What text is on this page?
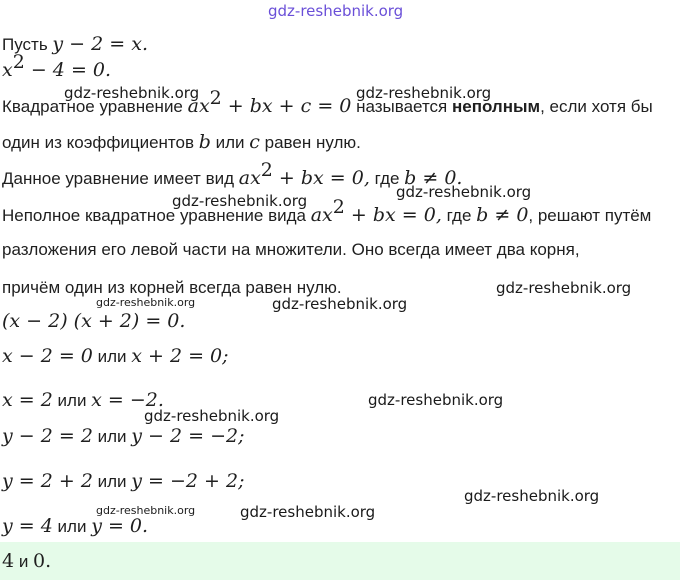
gdz-reshebnik.org
Пусть y − 2 = x.
$x^2 - 4 = 0$.
gdz-reshebnik.org	gdz-reshebnik.org
Квадратное уравнение $ax^2$ + bx + c = 0 называется неполным, если хотя бы
один из коэффициентов b или c равен нулю.
Данное уравнение имеет вид $ax^2$ + bx = 0, где b ≠ 0.
gdz-reshebnik.org
gdz-reshebnik.org
Неполное квадратное уравнение вида $ax^2$ + bx = 0, где b ≠ 0, решают путём
разложения его левой части на множители. Оно всегда имеет два корня,
причём один из корней всегда равен нулю.	gdz-reshebnik.org
gdz-reshebnik.org	gdz-reshebnik.org
(x − 2) (x + 2) = 0.
x − 2 = 0 или x + 2 = 0;
x = 2 или x = −2.	gdz-reshebnik.org
gdz-reshebnik.org
y − 2 = 2 или y − 2 = −2;
y = 2 + 2 или y = −2 + 2;
gdz-reshebnik.org
gdz-reshebnik.org	gdz-reshebnik.org
y = 4 или y = 0.
4 и 0.
